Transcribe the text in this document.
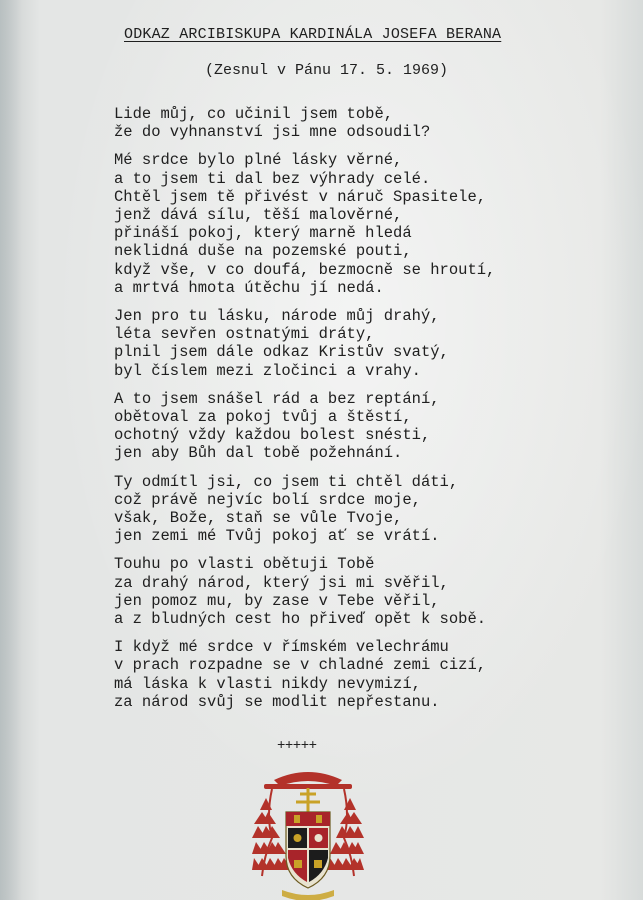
ODKAZ ARCIBISKUPA KARDINÁLA JOSEFA BERANA
(Zesnul v Pánu 17. 5. 1969)
Lide můj, co učinil jsem tobě,
že do vyhnanství jsi mne odsoudil?
Mé srdce bylo plné lásky věrné,
a to jsem ti dal bez výhrady celé.
Chtěl jsem tě přivést v náruč Spasitele,
jenž dává sílu, těší malověrné,
přináší pokoj, který marně hledá
neklidná duše na pozemské pouti,
když vše, v co doufá, bezmocně se hroutí,
a mrtvá hmota útěchu jí nedá.
Jen pro tu lásku, národe můj drahý,
léta sevřen ostnatými dráty,
plnil jsem dále odkaz Kristův svatý,
byl číslem mezi zločinci a vrahy.
A to jsem snášel rád a bez reptání,
obětoval za pokoj tvůj a štěstí,
ochotný vždy každou bolest snésti,
jen aby Bůh dal tobě požehnání.
Ty odmítl jsi, co jsem ti chtěl dáti,
což právě nejvíc bolí srdce moje,
však, Bože, staň se vůle Tvoje,
jen zemi mé Tvůj pokoj ať se vrátí.
Touhu po vlasti obětuji Tobě
za drahý národ, který jsi mi svěřil,
jen pomoz mu, by zase v Tebe věřil,
a z bludných cest ho přiveď opět k sobě.
I když mé srdce v římském velechrámu
v prach rozpadne se v chladné zemi cizí,
má láska k vlasti nikdy nevymizí,
za národ svůj se modlit nepřestanu.
+++++
